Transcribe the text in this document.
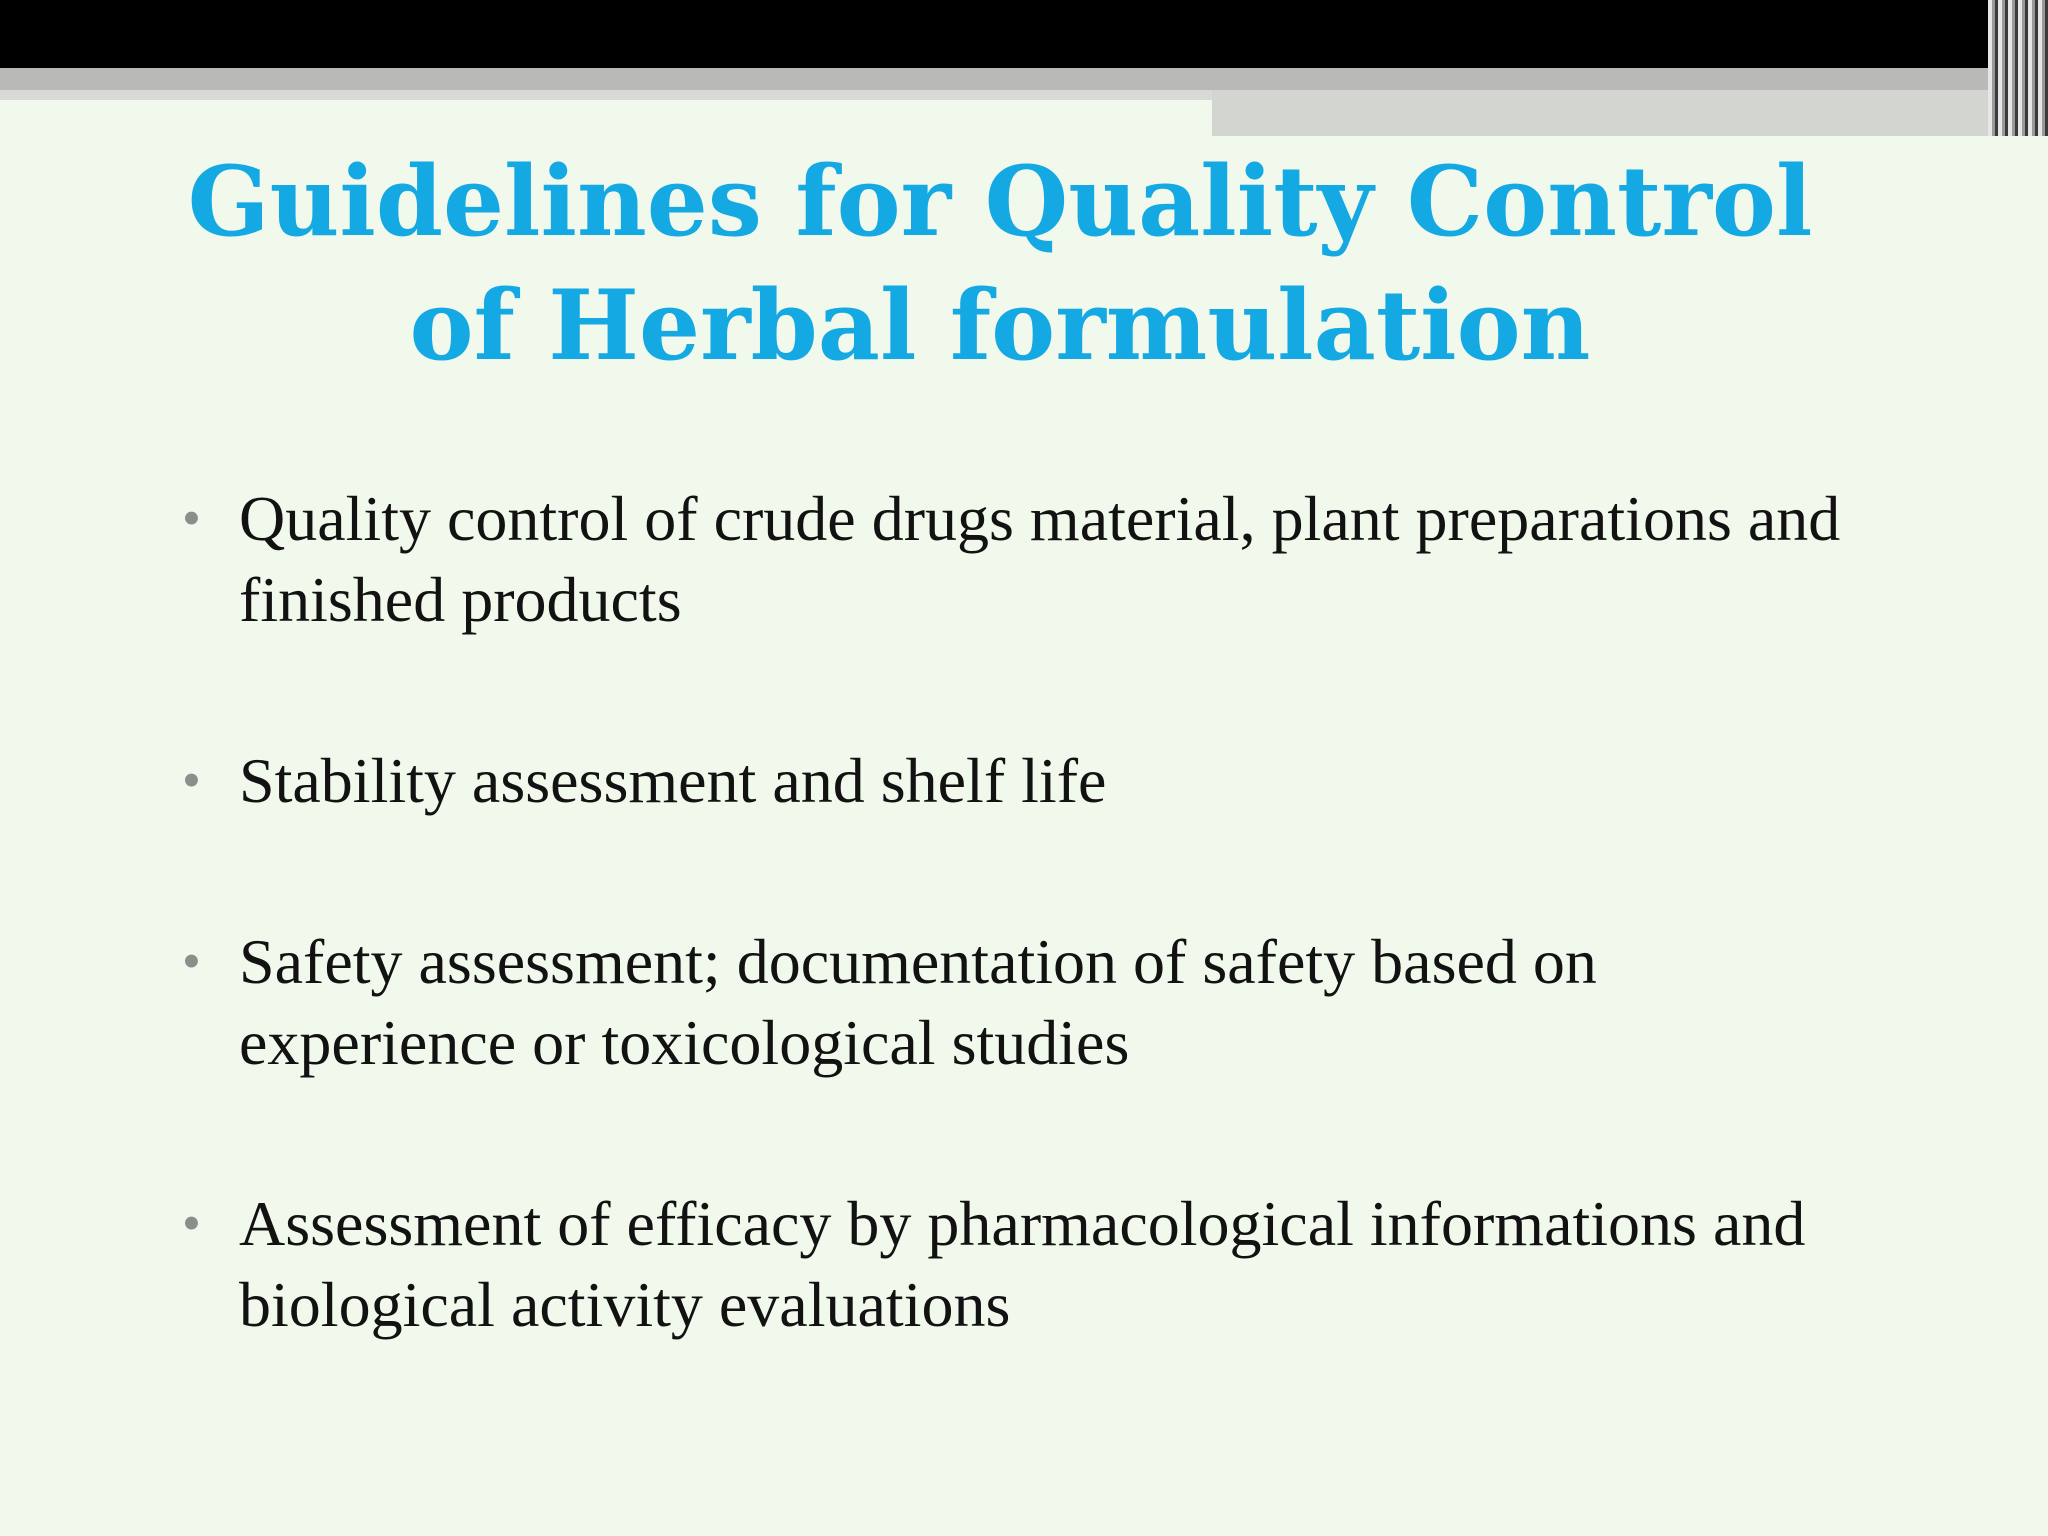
Guidelines for Quality Control
of Herbal formulation
• Quality control of crude drugs material, plant preparations and finished products
• Stability assessment and shelf life
• Safety assessment; documentation of safety based on experience or toxicological studies
• Assessment of efficacy by pharmacological informations and biological activity evaluations
